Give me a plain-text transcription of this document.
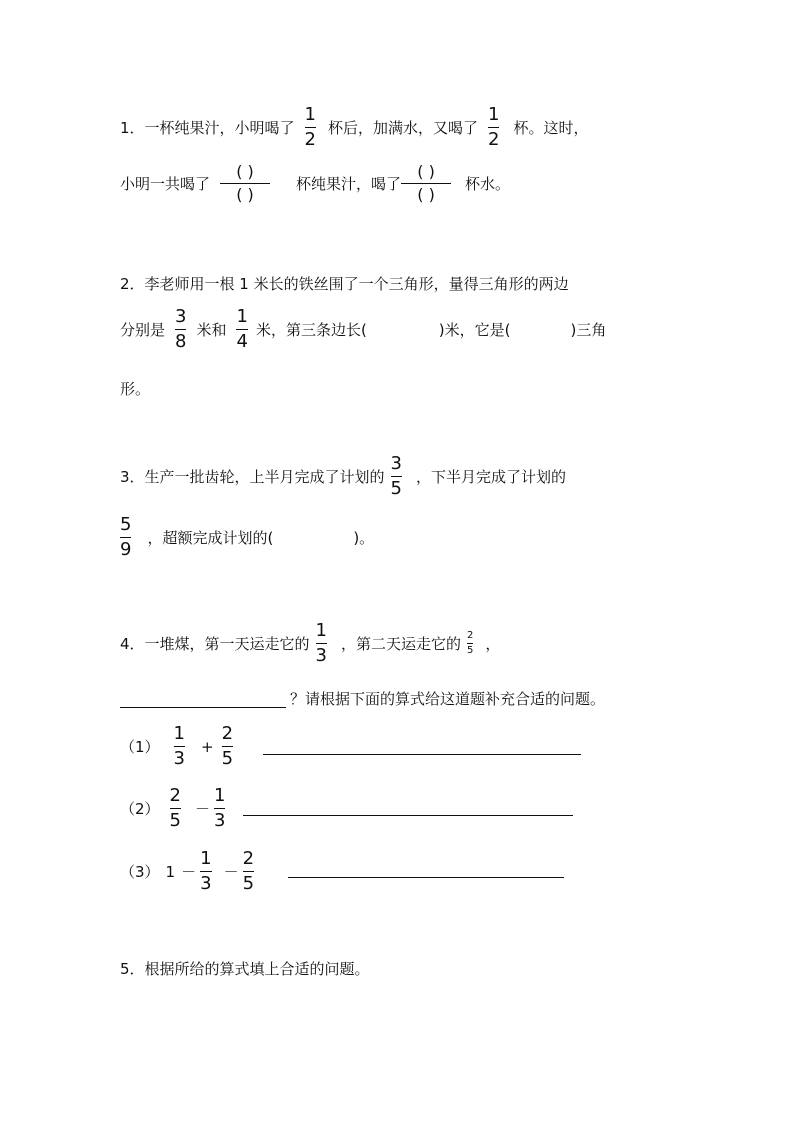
1．一杯纯果汁，小明喝了 $\frac{1}{2}$ 杯后，加满水，又喝了 $\frac{1}{2}$ 杯。这时，
小明一共喝了 $\frac{( )}{( )}$ 杯纯果汁，喝了 $\frac{( )}{( )}$ 杯水。
2．李老师用一根 1 米长的铁丝围了一个三角形，量得三角形的两边
分别是 $\frac{3}{8}$ 米和 $\frac{1}{4}$ 米，第三条边长(	)米，它是(	)三角
形。
3．生产一批齿轮，上半月完成了计划的 $\frac{3}{5}$ ，下半月完成了计划的
$\frac{5}{9}$ ，超额完成计划的(	)。
4．一堆煤，第一天运走它的 $\frac{1}{3}$ ，第二天运走它的 $\frac{2}{5}$ ，
？请根据下面的算式给这道题补充合适的问题。
$(1) \frac{1}{3} + \frac{2}{5}$
$(2) \frac{2}{5} - \frac{1}{3}$
（3） $1 - \frac{1}{3} - \frac{2}{5}$
5．根据所给的算式填上合适的问题。
